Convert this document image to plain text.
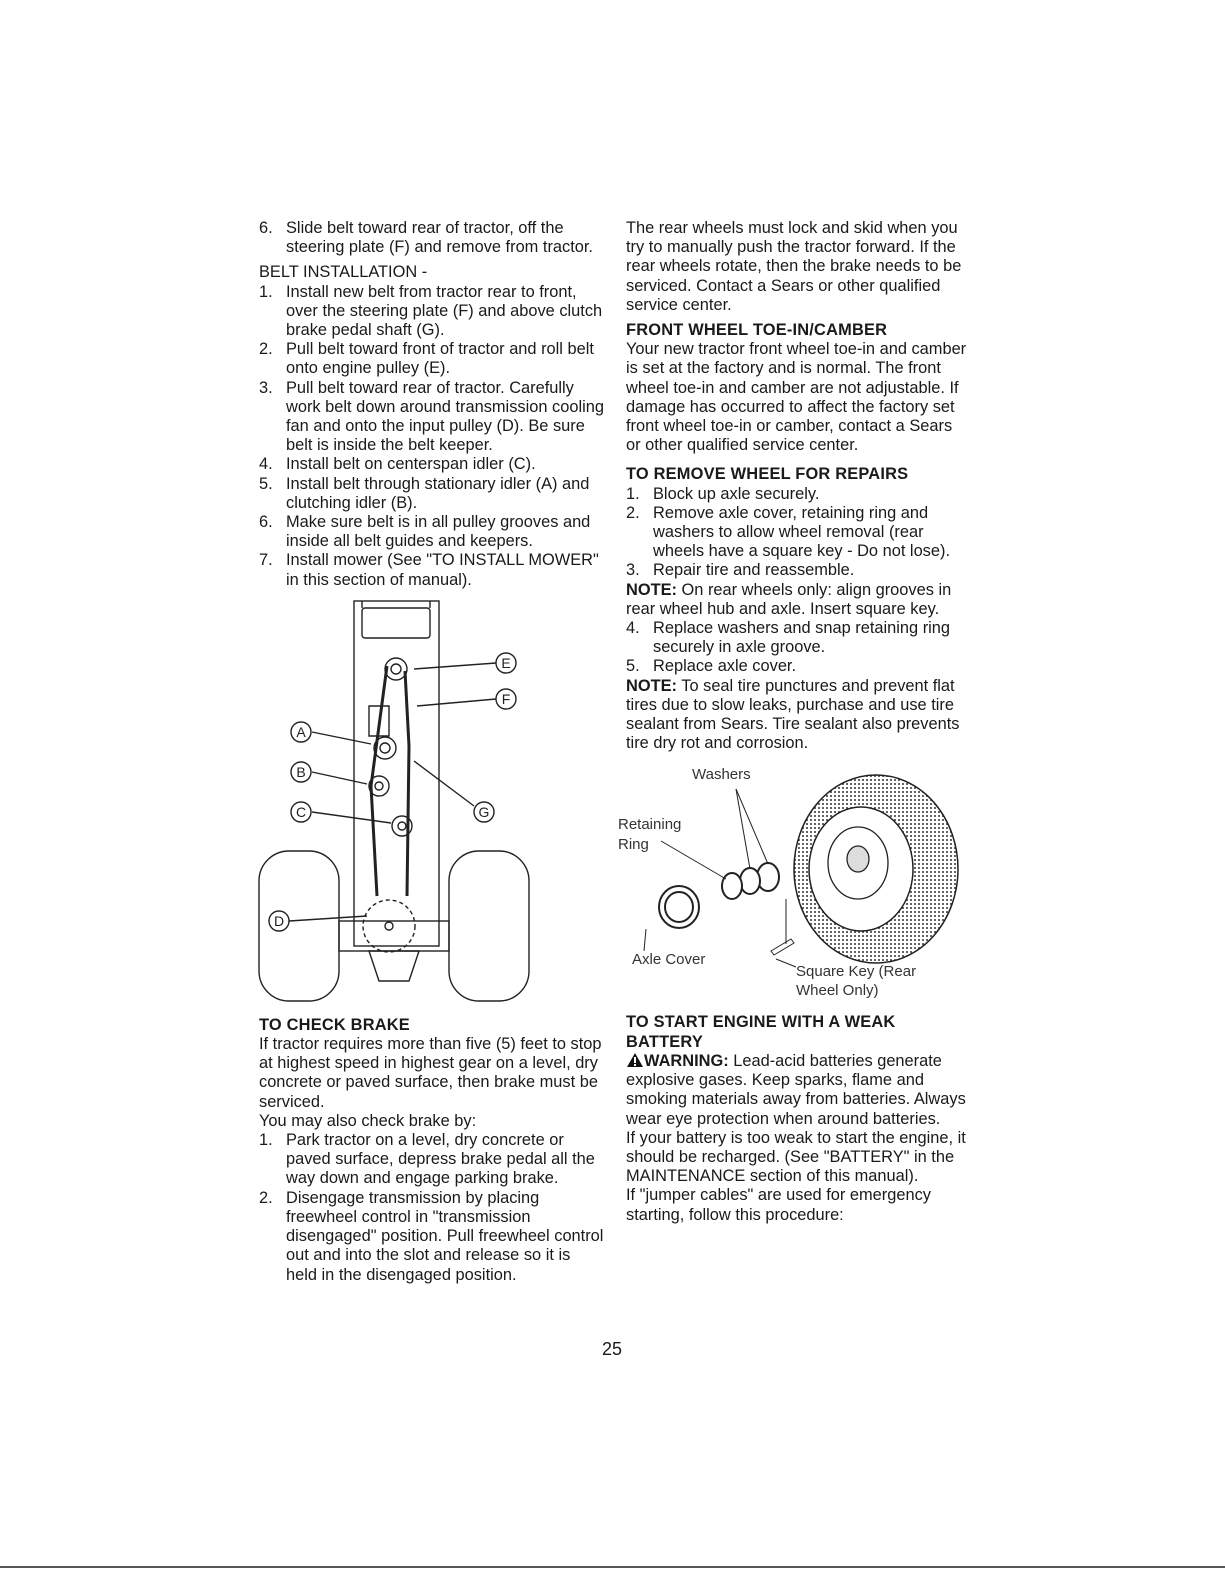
6. Slide belt toward rear of tractor, off the steering plate (F) and remove from tractor.

BELT INSTALLATION -

1. Install new belt from tractor rear to front, over the steering plate (F) and above clutch brake pedal shaft (G).
2. Pull belt toward front of tractor and roll belt onto engine pulley (E).
3. Pull belt toward rear of tractor. Carefully work belt down around transmission cooling fan and onto the input pulley (D). Be sure belt is inside the belt keeper.
4. Install belt on centerspan idler (C).
5. Install belt through stationary idler (A) and clutching idler (B).
6. Make sure belt is in all pulley grooves and inside all belt guides and keepers.
7. Install mower (See "TO INSTALL MOWER" in this section of manual).
E
F
A
B
C	G
D

TO CHECK BRAKE

If tractor requires more than five (5) feet to stop at highest speed in highest gear on a level, dry concrete or paved surface, then brake must be serviced.

You may also check brake by:

1. Park tractor on a level, dry concrete or paved surface, depress brake pedal all the way down and engage parking brake.
2. Disengage transmission by placing freewheel control in "transmission disengaged" position. Pull freewheel control out and into the slot and release so it is held in the disengaged position.

The rear wheels must lock and skid when you try to manually push the tractor forward. If the rear wheels rotate, then the brake needs to be serviced. Contact a Sears or other qualified service center.

FRONT WHEEL TOE-IN/CAMBER

Your new tractor front wheel toe-in and camber is set at the factory and is normal. The front wheel toe-in and camber are not adjustable. If damage has occurred to affect the factory set front wheel toe-in or camber, contact a Sears or other qualified service center.

TO REMOVE WHEEL FOR REPAIRS

1. Block up axle securely.
2. Remove axle cover, retaining ring and washers to allow wheel removal (rear wheels have a square key - Do not lose).
3. Repair tire and reassemble.

NOTE: On rear wheels only: align grooves in rear wheel hub and axle. Insert square key.

4. Replace washers and snap retaining ring securely in axle groove.
5. Replace axle cover.

NOTE: To seal tire punctures and prevent flat tires due to slow leaks, purchase and use tire sealant from Sears. Tire sealant also prevents tire dry rot and corrosion.

Washers
Retaining
Ring
Axle Cover
Square Key (Rear
Wheel Only)

TO START ENGINE WITH A WEAK BATTERY

WARNING: Lead-acid batteries generate explosive gases. Keep sparks, flame and smoking materials away from batteries. Always wear eye protection when around batteries.

If your battery is too weak to start the engine, it should be recharged. (See "BATTERY" in the MAINTENANCE section of this manual).

If "jumper cables" are used for emergency starting, follow this procedure:

25
